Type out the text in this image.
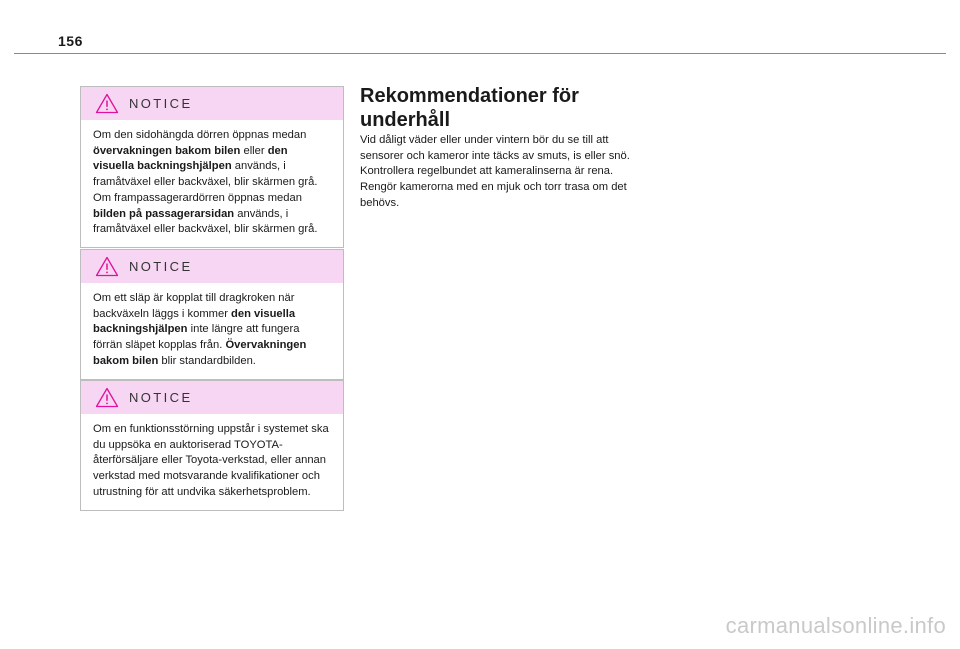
156
NOTICE
Om den sidohängda dörren öppnas medan övervakningen bakom bilen eller den visuella backningshjälpen används, i framåtväxel eller backväxel, blir skärmen grå. Om frampassagerardörren öppnas medan bilden på passagerarsidan används, i framåtväxel eller backväxel, blir skärmen grå.
NOTICE
Om ett släp är kopplat till dragkroken när backväxeln läggs i kommer den visuella backningshjälpen inte längre att fungera förrän släpet kopplas från. Övervakningen bakom bilen blir standardbilden.
NOTICE
Om en funktionsstörning uppstår i systemet ska du uppsöka en auktoriserad TOYOTA-återförsäljare eller Toyota-verkstad, eller annan verkstad med motsvarande kvalifikationer och utrustning för att undvika säkerhetsproblem.
Rekommendationer för underhåll

Vid dåligt väder eller under vintern bör du se till att sensorer och kameror inte täcks av smuts, is eller snö.

Kontrollera regelbundet att kameralinserna är rena.

Rengör kamerorna med en mjuk och torr trasa om det behövs.

carmanualsonline.info
